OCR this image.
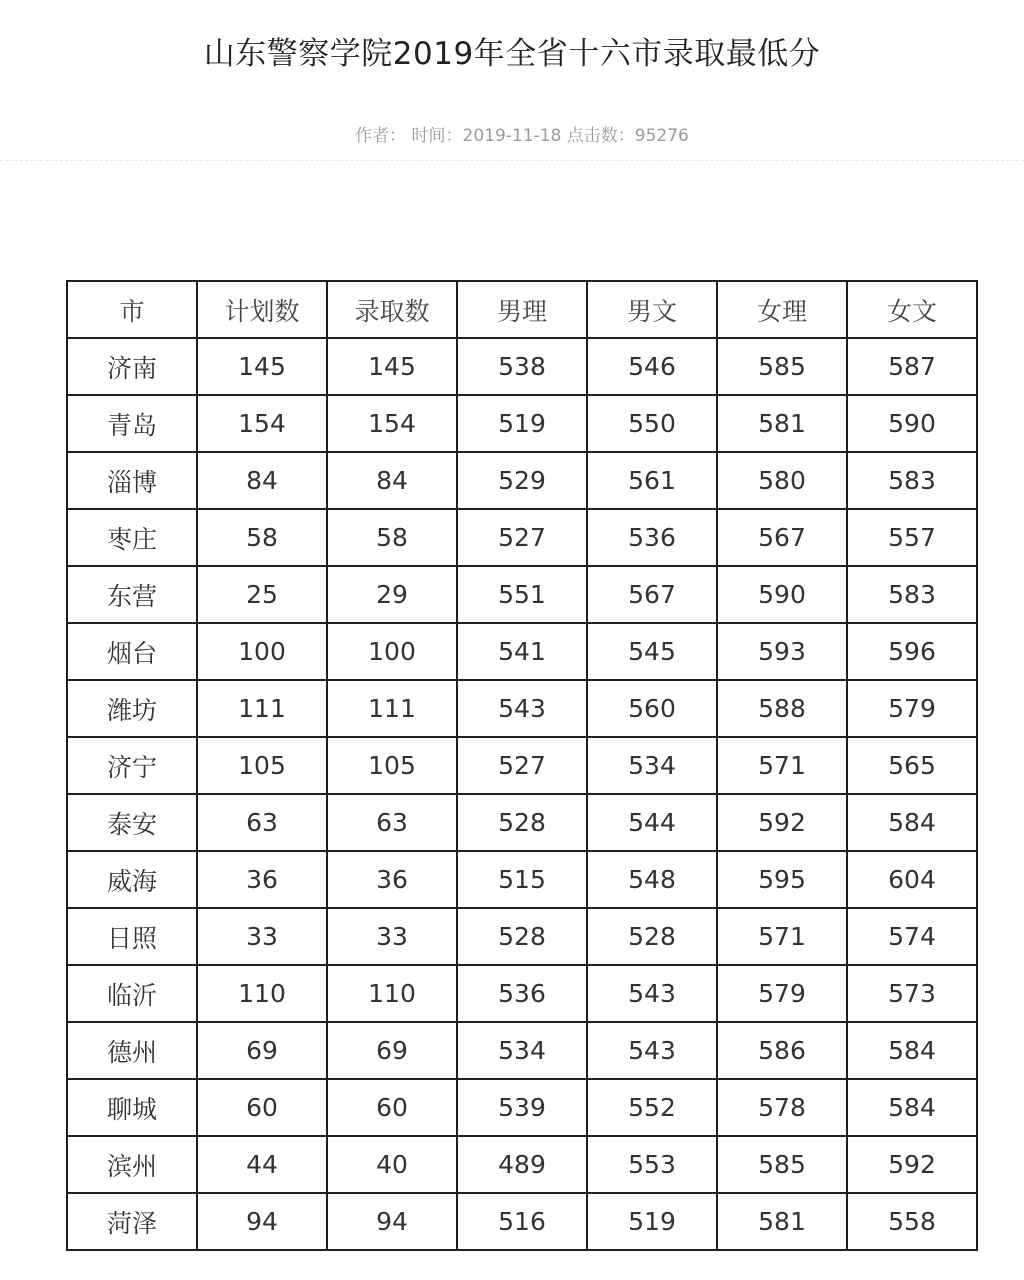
山东警察学院2019年全省十六市录取最低分
作者： 时间：2019-11-18 点击数：95276
市	计划数	录取数	男理	男文	女理	女文
济南	145	145	538	546	585	587
青岛	154	154	519	550	581	590
淄博	84	84	529	561	580	583
枣庄	58	58	527	536	567	557
东营	25	29	551	567	590	583
烟台	100	100	541	545	593	596
潍坊	111	111	543	560	588	579
济宁	105	105	527	534	571	565
泰安	63	63	528	544	592	584
威海	36	36	515	548	595	604
日照	33	33	528	528	571	574
临沂	110	110	536	543	579	573
德州	69	69	534	543	586	584
聊城	60	60	539	552	578	584
滨州	44	40	489	553	585	592
菏泽	94	94	516	519	581	558
